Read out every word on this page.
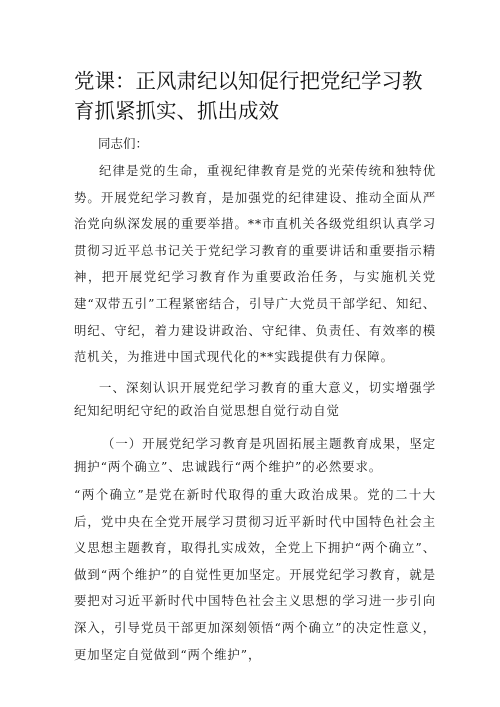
党课：正风肃纪以知促行把党纪学习教育抓紧抓实、抓出成效

同志们：

纪律是党的生命，重视纪律教育是党的光荣传统和独特优势。开展党纪学习教育，是加强党的纪律建设、推动全面从严治党向纵深发展的重要举措。**市直机关各级党组织认真学习贯彻习近平总书记关于党纪学习教育的重要讲话和重要指示精神，把开展党纪学习教育作为重要政治任务，与实施机关党建“双带五引”工程紧密结合，引导广大党员干部学纪、知纪、明纪、守纪，着力建设讲政治、守纪律、负责任、有效率的模范机关，为推进中国式现代化的**实践提供有力保障。

一、深刻认识开展党纪学习教育的重大意义，切实增强学纪知纪明纪守纪的政治自觉思想自觉行动自觉

（一）开展党纪学习教育是巩固拓展主题教育成果，坚定拥护“两个确立”、忠诚践行“两个维护”的必然要求。

“两个确立”是党在新时代取得的重大政治成果。党的二十大后，党中央在全党开展学习贯彻习近平新时代中国特色社会主义思想主题教育，取得扎实成效，全党上下拥护“两个确立”、做到“两个维护”的自觉性更加坚定。开展党纪学习教育，就是要把对习近平新时代中国特色社会主义思想的学习进一步引向深入，引导党员干部更加深刻领悟“两个确立”的决定性意义，更加坚定自觉做到“两个维护”，
